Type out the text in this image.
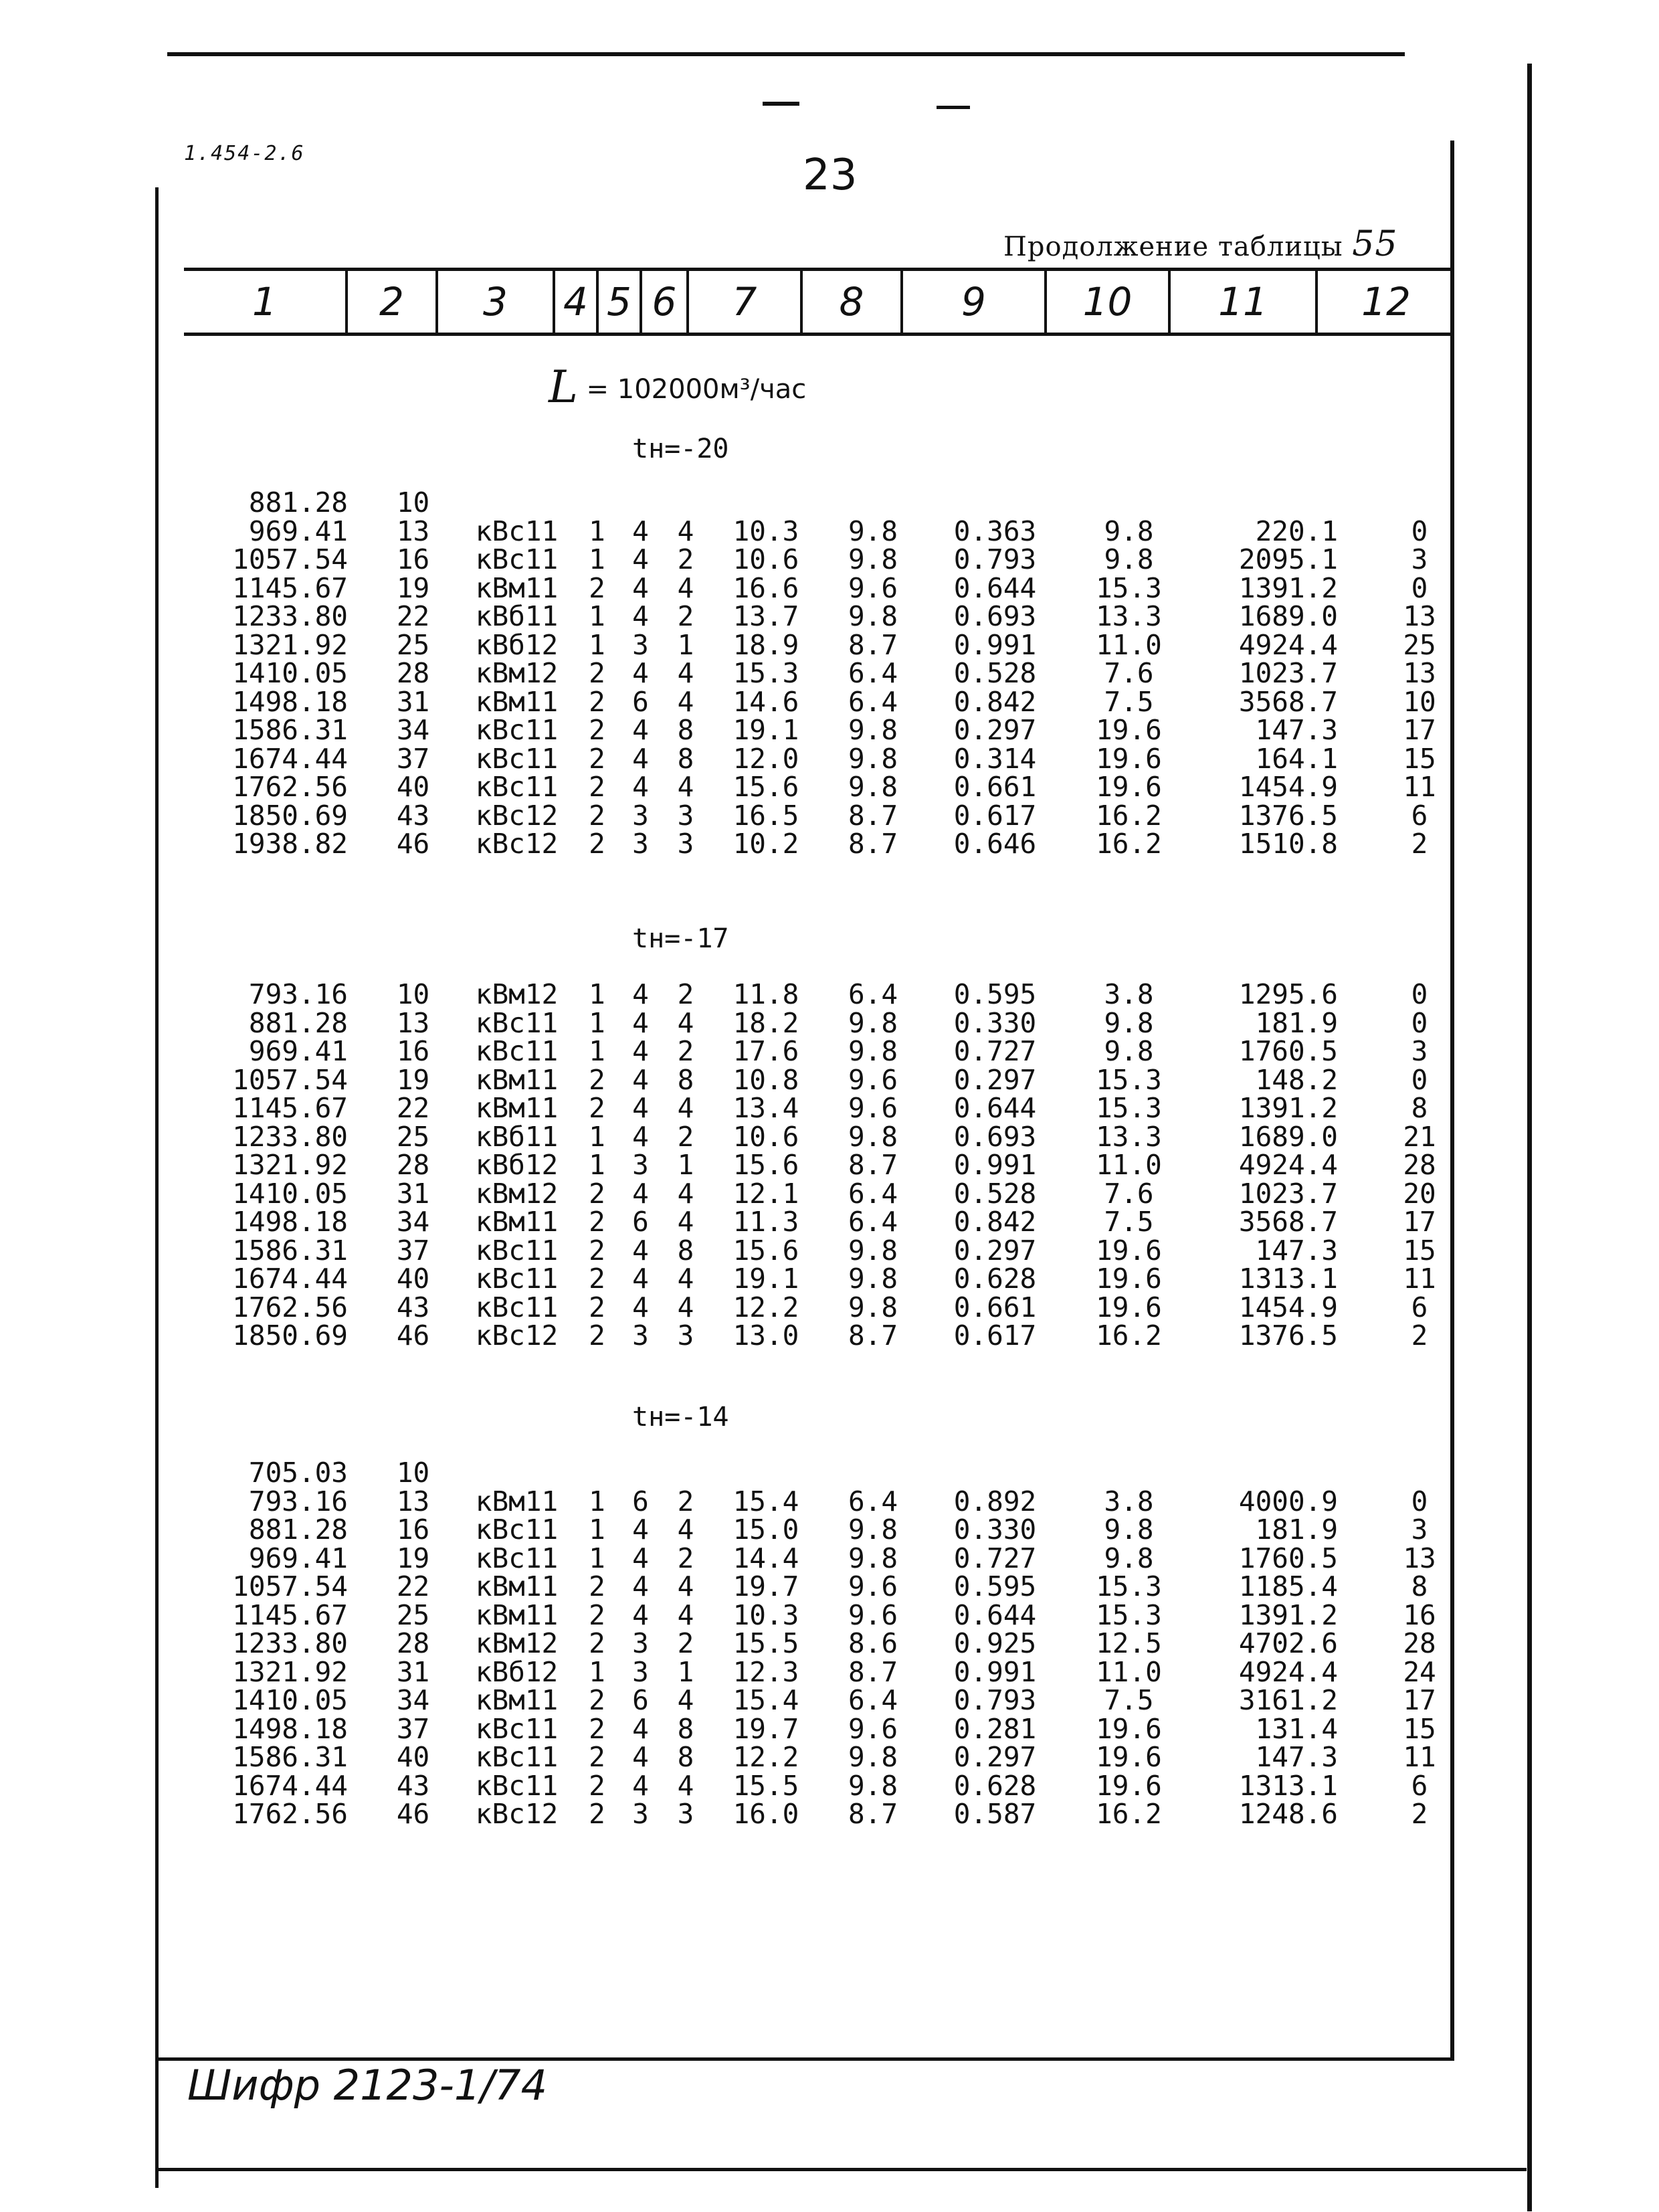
1.454-2.6	23
Продолжение таблицы 55
1	2	3	4 5 6	7	8	9	10	11	12
L = 102000м³/час
tн=-20
tн=-17
tн=-14
881.28	10										
969.41	13	кВс11	1	4	4	10.3	9.8	0.363	9.8	220.1	0
1057.54	16	кВс11	1	4	2	10.6	9.8	0.793	9.8	2095.1	3
1145.67	19	кВм11	2	4	4	16.6	9.6	0.644	15.3	1391.2	0
1233.80	22	кВб11	1	4	2	13.7	9.8	0.693	13.3	1689.0	13
1321.92	25	кВб12	1	3	1	18.9	8.7	0.991	11.0	4924.4	25
1410.05	28	кВм12	2	4	4	15.3	6.4	0.528	7.6	1023.7	13
1498.18	31	кВм11	2	6	4	14.6	6.4	0.842	7.5	3568.7	10
1586.31	34	кВс11	2	4	8	19.1	9.8	0.297	19.6	147.3	17
1674.44	37	кВс11	2	4	8	12.0	9.8	0.314	19.6	164.1	15
1762.56	40	кВс11	2	4	4	15.6	9.8	0.661	19.6	1454.9	11
1850.69	43	кВс12	2	3	3	16.5	8.7	0.617	16.2	1376.5	6
1938.82	46	кВс12	2	3	3	10.2	8.7	0.646	16.2	1510.8	2
793.16	10	кВм12	1	4	2	11.8	6.4	0.595	3.8	1295.6	0
881.28	13	кВс11	1	4	4	18.2	9.8	0.330	9.8	181.9	0
969.41	16	кВс11	1	4	2	17.6	9.8	0.727	9.8	1760.5	3
1057.54	19	кВм11	2	4	8	10.8	9.6	0.297	15.3	148.2	0
1145.67	22	кВм11	2	4	4	13.4	9.6	0.644	15.3	1391.2	8
1233.80	25	кВб11	1	4	2	10.6	9.8	0.693	13.3	1689.0	21
1321.92	28	кВб12	1	3	1	15.6	8.7	0.991	11.0	4924.4	28
1410.05	31	кВм12	2	4	4	12.1	6.4	0.528	7.6	1023.7	20
1498.18	34	кВм11	2	6	4	11.3	6.4	0.842	7.5	3568.7	17
1586.31	37	кВс11	2	4	8	15.6	9.8	0.297	19.6	147.3	15
1674.44	40	кВс11	2	4	4	19.1	9.8	0.628	19.6	1313.1	11
1762.56	43	кВс11	2	4	4	12.2	9.8	0.661	19.6	1454.9	6
1850.69	46	кВс12	2	3	3	13.0	8.7	0.617	16.2	1376.5	2
705.03	10										
793.16	13	кВм11	1	6	2	15.4	6.4	0.892	3.8	4000.9	0
881.28	16	кВс11	1	4	4	15.0	9.8	0.330	9.8	181.9	3
969.41	19	кВс11	1	4	2	14.4	9.8	0.727	9.8	1760.5	13
1057.54	22	кВм11	2	4	4	19.7	9.6	0.595	15.3	1185.4	8
1145.67	25	кВм11	2	4	4	10.3	9.6	0.644	15.3	1391.2	16
1233.80	28	кВм12	2	3	2	15.5	8.6	0.925	12.5	4702.6	28
1321.92	31	кВб12	1	3	1	12.3	8.7	0.991	11.0	4924.4	24
1410.05	34	кВм11	2	6	4	15.4	6.4	0.793	7.5	3161.2	17
1498.18	37	кВс11	2	4	8	19.7	9.6	0.281	19.6	131.4	15
1586.31	40	кВс11	2	4	8	12.2	9.8	0.297	19.6	147.3	11
1674.44	43	кВс11	2	4	4	15.5	9.8	0.628	19.6	1313.1	6
1762.56	46	кВс12	2	3	3	16.0	8.7	0.587	16.2	1248.6	2
Шифр 2123-1/74
